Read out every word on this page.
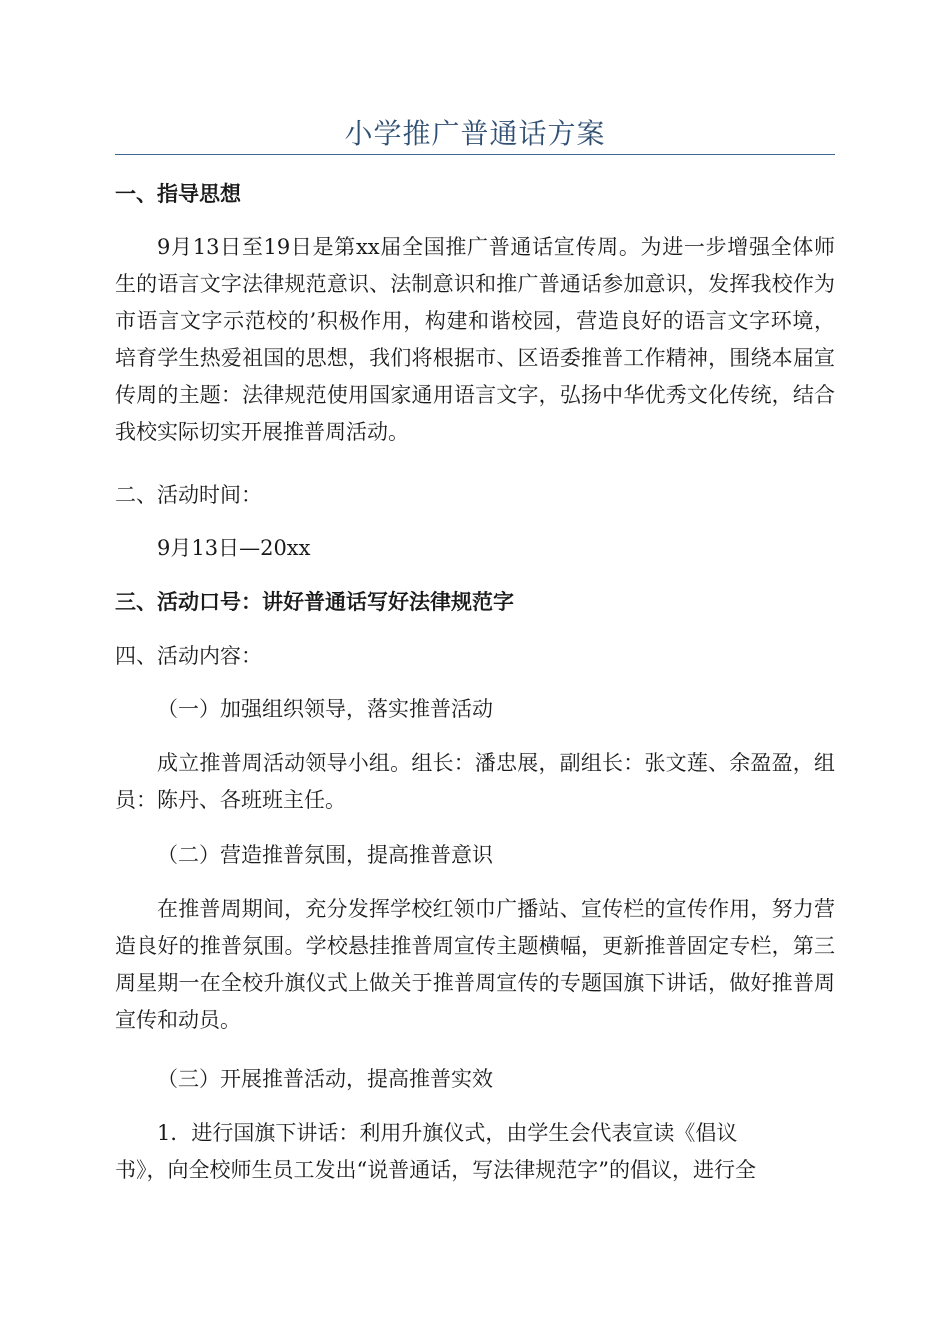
小学推广普通话方案

一、指导思想

9月13日至19日是第xx届全国推广普通话宣传周。为进一步增强全体师生的语言文字法律规范意识、法制意识和推广普通话参加意识，发挥我校作为市语言文字示范校的’积极作用，构建和谐校园，营造良好的语言文字环境，培育学生热爱祖国的思想，我们将根据市、区语委推普工作精神，围绕本届宣传周的主题：法律规范使用国家通用语言文字，弘扬中华优秀文化传统，结合我校实际切实开展推普周活动。

二、活动时间：

9月13日—20xx

三、活动口号：讲好普通话写好法律规范字

四、活动内容：

（一）加强组织领导，落实推普活动

成立推普周活动领导小组。组长：潘忠展，副组长：张文莲、余盈盈，组员：陈丹、各班班主任。

（二）营造推普氛围，提高推普意识

在推普周期间，充分发挥学校红领巾广播站、宣传栏的宣传作用，努力营造良好的推普氛围。学校悬挂推普周宣传主题横幅，更新推普固定专栏，第三周星期一在全校升旗仪式上做关于推普周宣传的专题国旗下讲话，做好推普周宣传和动员。

（三）开展推普活动，提高推普实效

1．进行国旗下讲话：利用升旗仪式，由学生会代表宣读《倡议

书》，向全校师生员工发出“说普通话，写法律规范字”的倡议，进行全
